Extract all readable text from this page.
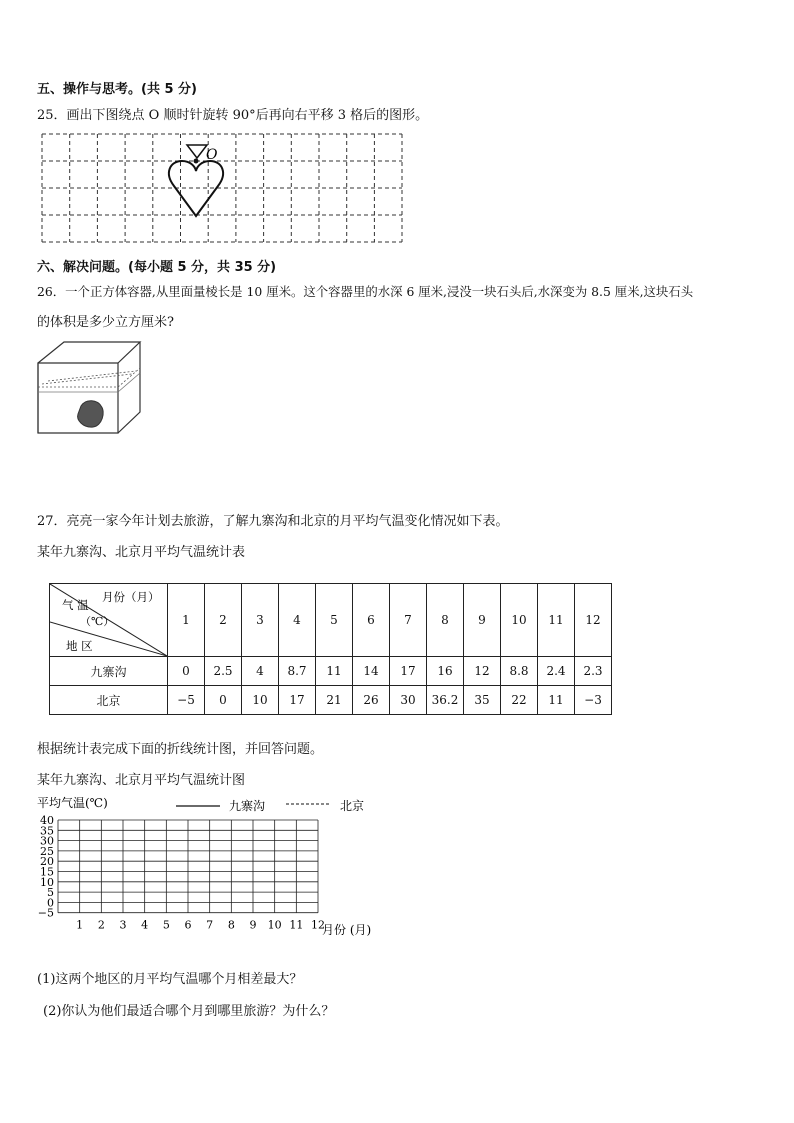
五、操作与思考。(共 5 分)
25．画出下图绕点 O 顺时针旋转 90°后再向右平移 3 格后的图形。
O
六、解决问题。(每小题 5 分，共 35 分)
26．一个正方体容器,从里面量棱长是 10 厘米。这个容器里的水深 6 厘米,浸没一块石头后,水深变为 8.5 厘米,这块石头
的体积是多少立方厘米?
27．亮亮一家今年计划去旅游，了解九寨沟和北京的月平均气温变化情况如下表。
某年九寨沟、北京月平均气温统计表
月份（月）
气 温
（℃）
地 区	1	2	3	4	5	6	7	8	9	10	11	12
九寨沟	0	2.5	4	8.7	11	14	17	16	12	8.8	2.4	2.3
北京	−5	0	10	17	21	26	30	36.2	35	22	11	−3
根据统计表完成下面的折线统计图，并回答问题。
某年九寨沟、北京月平均气温统计图
平均气温(℃)	九寨沟	北京
40
35
30
25
20
15
10
5
0
−5
1 2 3 4 5 6 7 8 9 10 11 12
月份 (月)
(1)这两个地区的月平均气温哪个月相差最大？
(2)你认为他们最适合哪个月到哪里旅游？为什么？
